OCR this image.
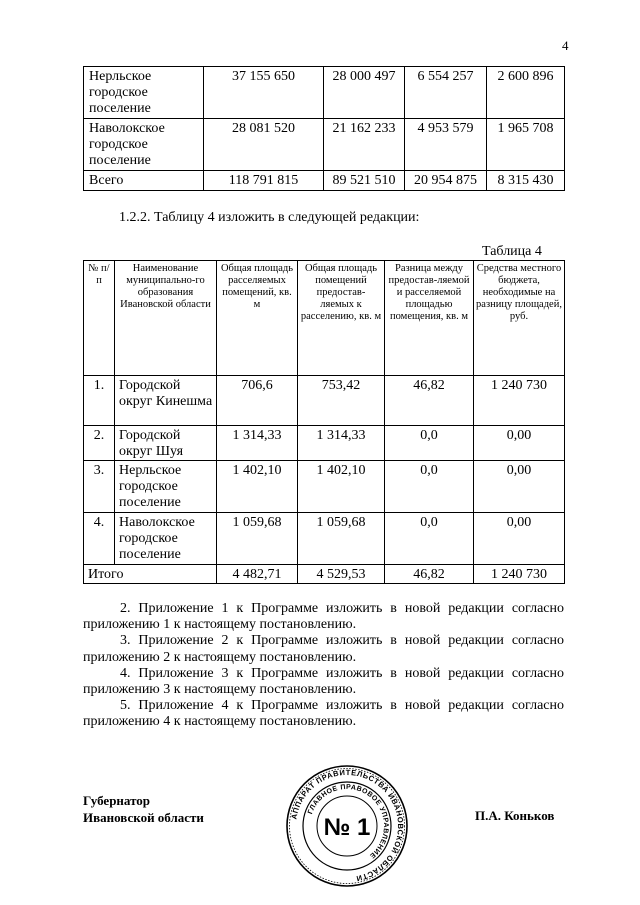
4
Нерльское городское поселение	37 155 650	28 000 497	6 554 257	2 600 896
Наволокское городское поселение	28 081 520	21 162 233	4 953 579	1 965 708
Всего	118 791 815	89 521 510	20 954 875	8 315 430
1.2.2. Таблицу 4 изложить в следующей редакции:
Таблица 4
№ п/п	Наименование муниципально-го образования Ивановской области	Общая площадь расселяемых помещений, кв. м	Общая площадь помещений предостав-ляемых к расселению, кв. м	Разница между предостав-ляемой и расселяемой площадью помещения, кв. м	Средства местного бюджета, необходимые на разницу площадей, руб.
1.	Городской округ Кинешма	706,6	753,42	46,82	1 240 730
2.	Городской округ Шуя	1 314,33	1 314,33	0,0	0,00
3.	Нерльское городское поселение	1 402,10	1 402,10	0,0	0,00
4.	Наволокское городское поселение	1 059,68	1 059,68	0,0	0,00
Итого		4 482,71	4 529,53	46,82	1 240 730

2. Приложение 1 к Программе изложить в новой редакции согласно приложению 1 к настоящему постановлению.

3. Приложение 2 к Программе изложить в новой редакции согласно приложению 2 к настоящему постановлению.

4. Приложение 3 к Программе изложить в новой редакции согласно приложению 3 к настоящему постановлению.

5. Приложение 4 к Программе изложить в новой редакции согласно приложению 4 к настоящему постановлению.

Губернатор
Ивановской области	П.А. Коньков
АППАРАТ ПРАВИТЕЛЬСТВА ИВАНОВСКОЙ ОБЛАСТИ
ГЛАВНОЕ ПРАВОВОЕ УПРАВЛЕНИЕ
№ 1
